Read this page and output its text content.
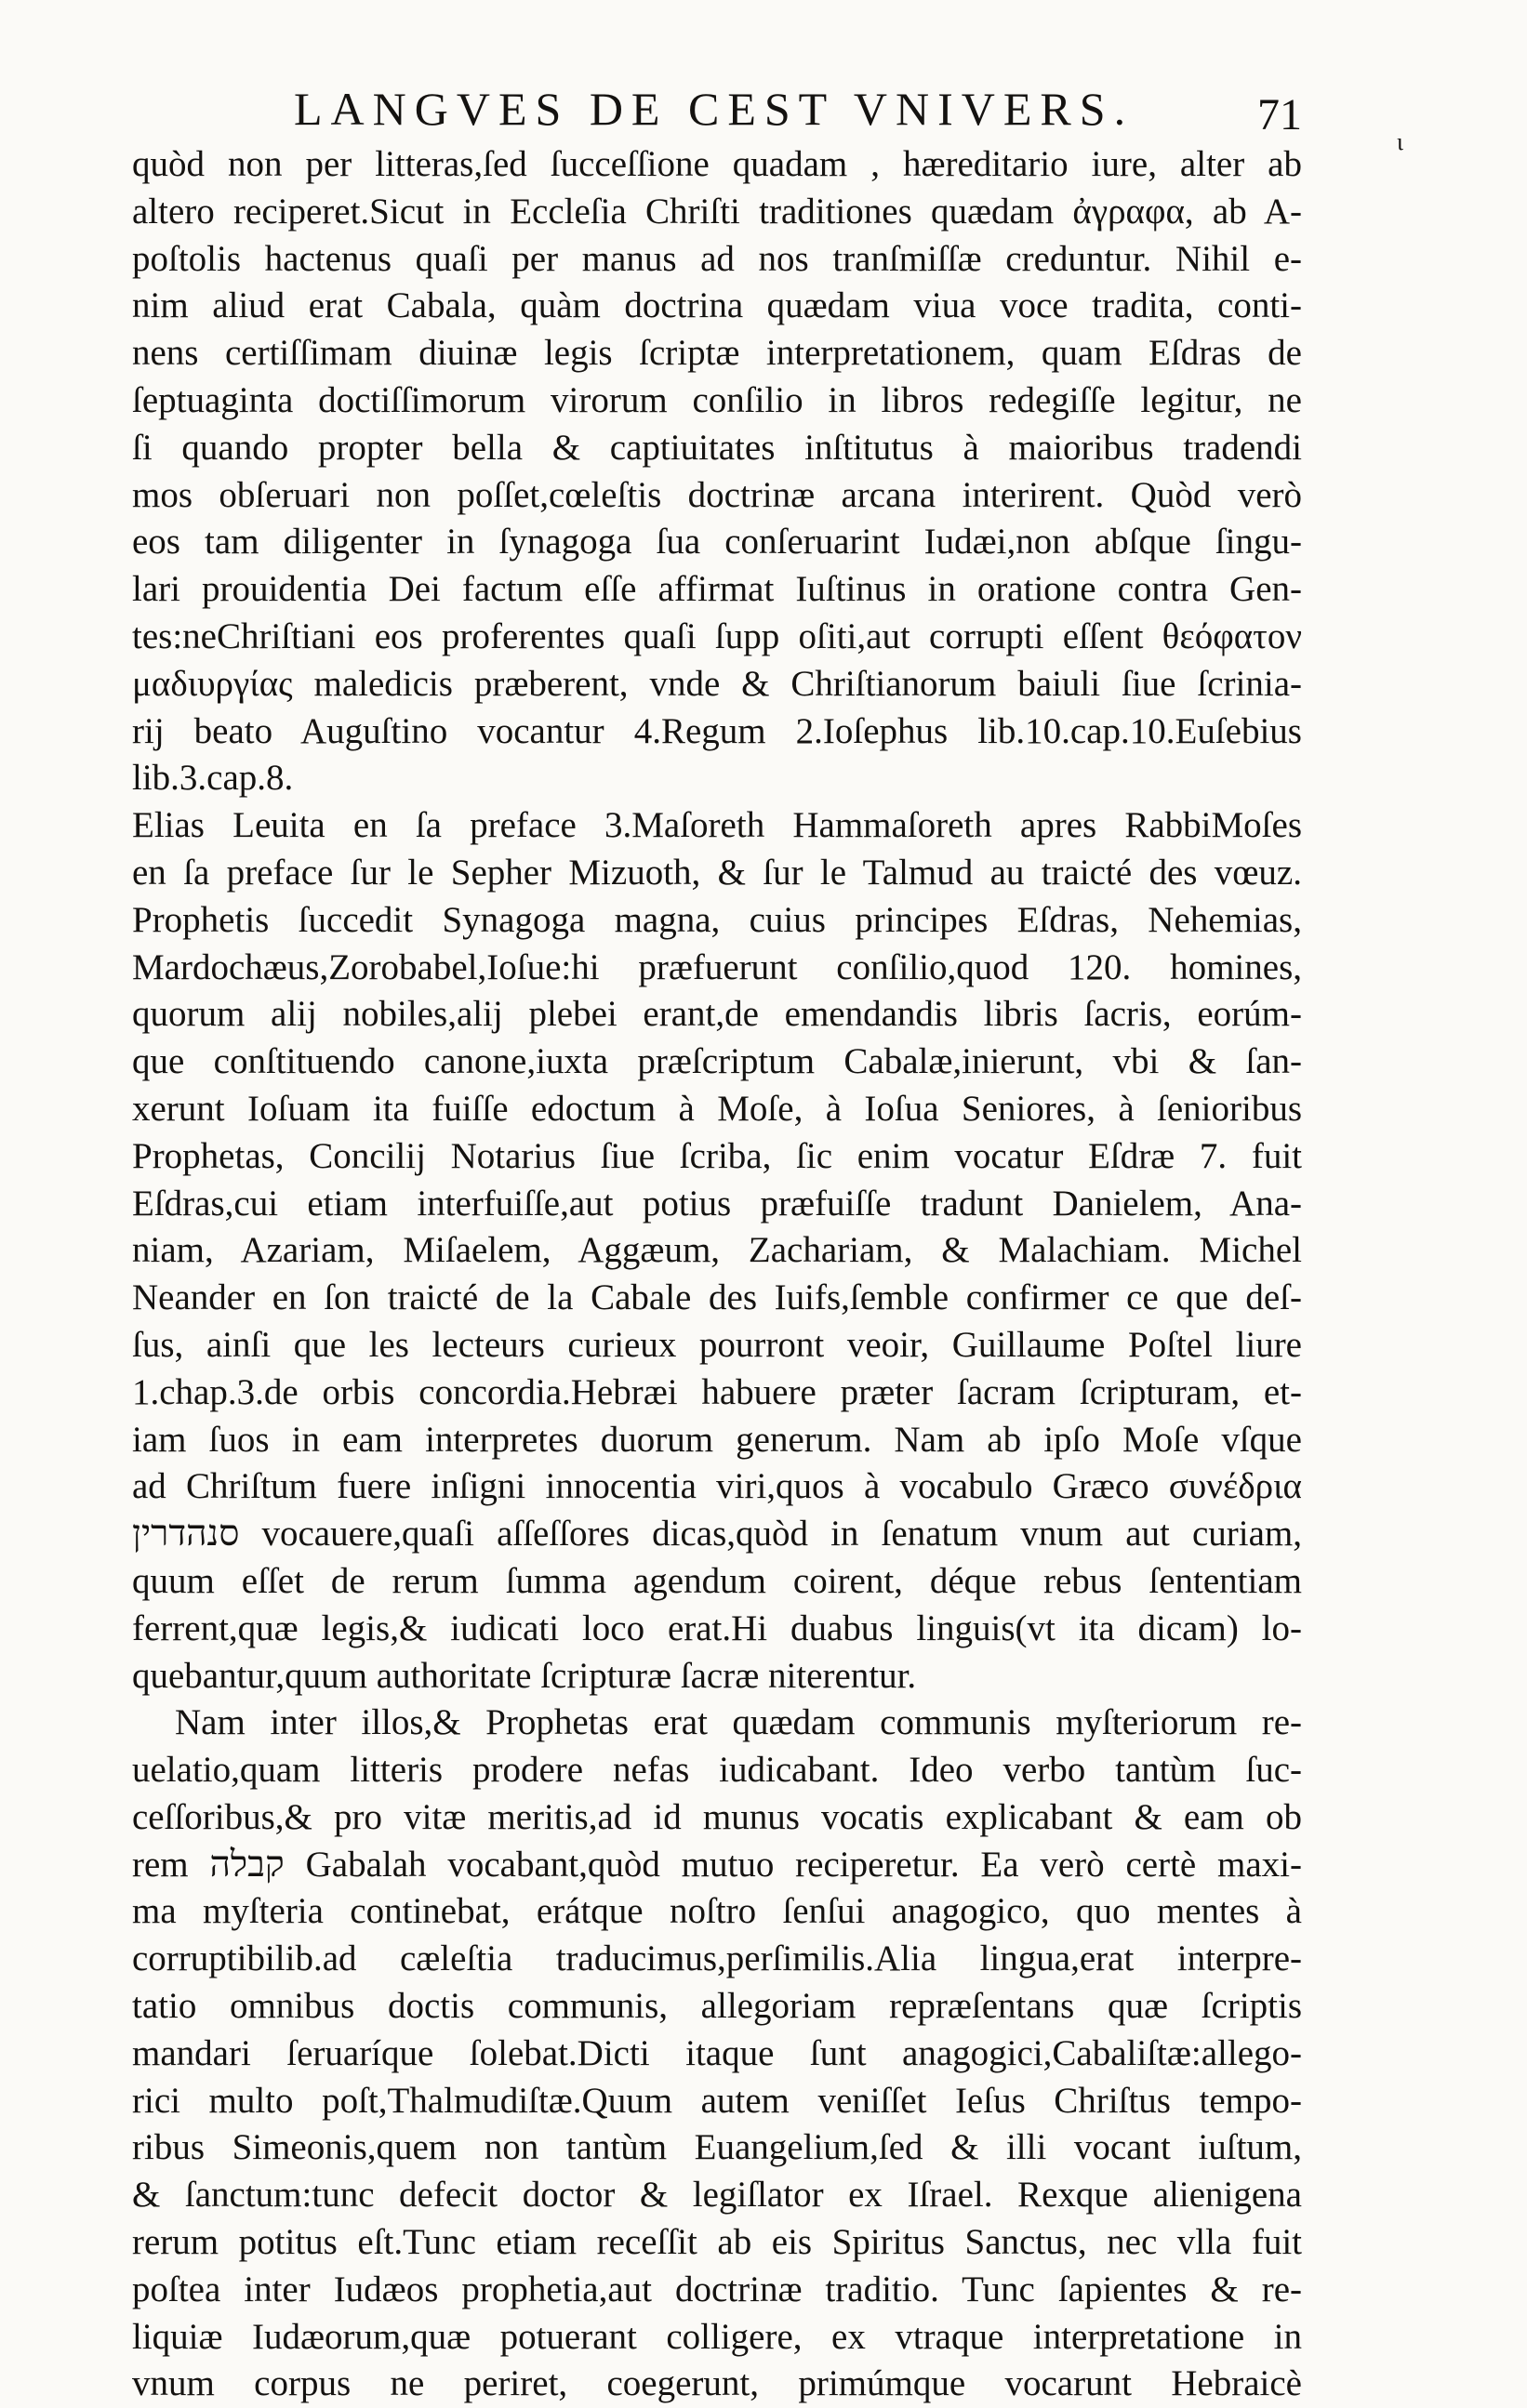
LANGVES DE CEST VNIVERS.	71
ι
quòd non per litteras,ſed ſucceſſione quadam , hæreditario iure, alter ab
altero reciperet.Sicut in Eccleſia Chriſti traditiones quædam ἀγραφα, ab A-
poſtolis hactenus quaſi per manus ad nos tranſmiſſæ creduntur. Nihil e-
nim aliud erat Cabala, quàm doctrina quædam viua voce tradita, conti-
nens certiſſimam diuinæ legis ſcriptæ interpretationem, quam Eſdras de
ſeptuaginta doctiſſimorum virorum conſilio in libros redegiſſe legitur, ne
ſi quando propter bella & captiuitates inſtitutus à maioribus tradendi
mos obſeruari non poſſet,cœleſtis doctrinæ arcana interirent. Quòd verò
eos tam diligenter in ſynagoga ſua conſeruarint Iudæi,non abſque ſingu-
lari prouidentia Dei factum eſſe affirmat Iuſtinus in oratione contra Gen-
tes:neChriſtiani eos proferentes quaſi ſupp oſiti,aut corrupti eſſent θεόφατον
μαδιυργίας maledicis præberent, vnde & Chriſtianorum baiuli ſiue ſcrinia-
rij beato Auguſtino vocantur 4.Regum 2.Ioſephus lib.10.cap.10.Euſebius
lib.3.cap.8.
Elias Leuita en ſa preface 3.Maſoreth Hammaſoreth apres RabbiMoſes
en ſa preface ſur le Sepher Mizuoth, & ſur le Talmud au traicté des vœuz.
Prophetis ſuccedit Synagoga magna, cuius principes Eſdras, Nehemias,
Mardochæus,Zorobabel,Ioſue:hi præfuerunt conſilio,quod 120. homines,
quorum alij nobiles,alij plebei erant,de emendandis libris ſacris, eorúm-
que conſtituendo canone,iuxta præſcriptum Cabalæ,inierunt, vbi & ſan-
xerunt Ioſuam ita fuiſſe edoctum à Moſe, à Ioſua Seniores, à ſenioribus
Prophetas, Concilij Notarius ſiue ſcriba, ſic enim vocatur Eſdræ 7. fuit
Eſdras,cui etiam interfuiſſe,aut potius præfuiſſe tradunt Danielem, Ana-
niam, Azariam, Miſaelem, Aggæum, Zachariam, & Malachiam. Michel
Neander en ſon traicté de la Cabale des Iuifs,ſemble confirmer ce que deſ-
ſus, ainſi que les lecteurs curieux pourront veoir, Guillaume Poſtel liure
1.chap.3.de orbis concordia.Hebræi habuere præter ſacram ſcripturam, et-
iam ſuos in eam interpretes duorum generum. Nam ab ipſo Moſe vſque
ad Chriſtum fuere inſigni innocentia viri,quos à vocabulo Græco συνέδρια
סנהדרין vocauere,quaſi aſſeſſores dicas,quòd in ſenatum vnum aut curiam,
quum eſſet de rerum ſumma agendum coirent, déque rebus ſententiam
ferrent,quæ legis,& iudicati loco erat.Hi duabus linguis(vt ita dicam) lo-
quebantur,quum authoritate ſcripturæ ſacræ niterentur.
Nam inter illos,& Prophetas erat quædam communis myſteriorum re-
uelatio,quam litteris prodere nefas iudicabant. Ideo verbo tantùm ſuc-
ceſſoribus,& pro vitæ meritis,ad id munus vocatis explicabant & eam ob
rem קבלה Gabalah vocabant,quòd mutuo reciperetur. Ea verò certè maxi-
ma myſteria continebat, erátque noſtro ſenſui anagogico, quo mentes à
corruptibilib.ad cæleſtia traducimus,perſimilis.Alia lingua,erat interpre-
tatio omnibus doctis communis, allegoriam repræſentans quæ ſcriptis
mandari ſeruaríque ſolebat.Dicti itaque ſunt anagogici,Cabaliſtæ:allego-
rici multo poſt,Thalmudiſtæ.Quum autem veniſſet Ieſus Chriſtus tempo-
ribus Simeonis,quem non tantùm Euangelium,ſed & illi vocant iuſtum,
& ſanctum:tunc defecit doctor & legiſlator ex Iſrael. Rexque alienigena
rerum potitus eſt.Tunc etiam receſſit ab eis Spiritus Sanctus, nec vlla fuit
poſtea inter Iudæos prophetia,aut doctrinæ traditio. Tunc ſapientes & re-
liquiæ Iudæorum,quæ potuerant colligere, ex vtraque interpretatione in
vnum corpus ne periret, coegerunt, primúmque vocarunt Hebraicè
